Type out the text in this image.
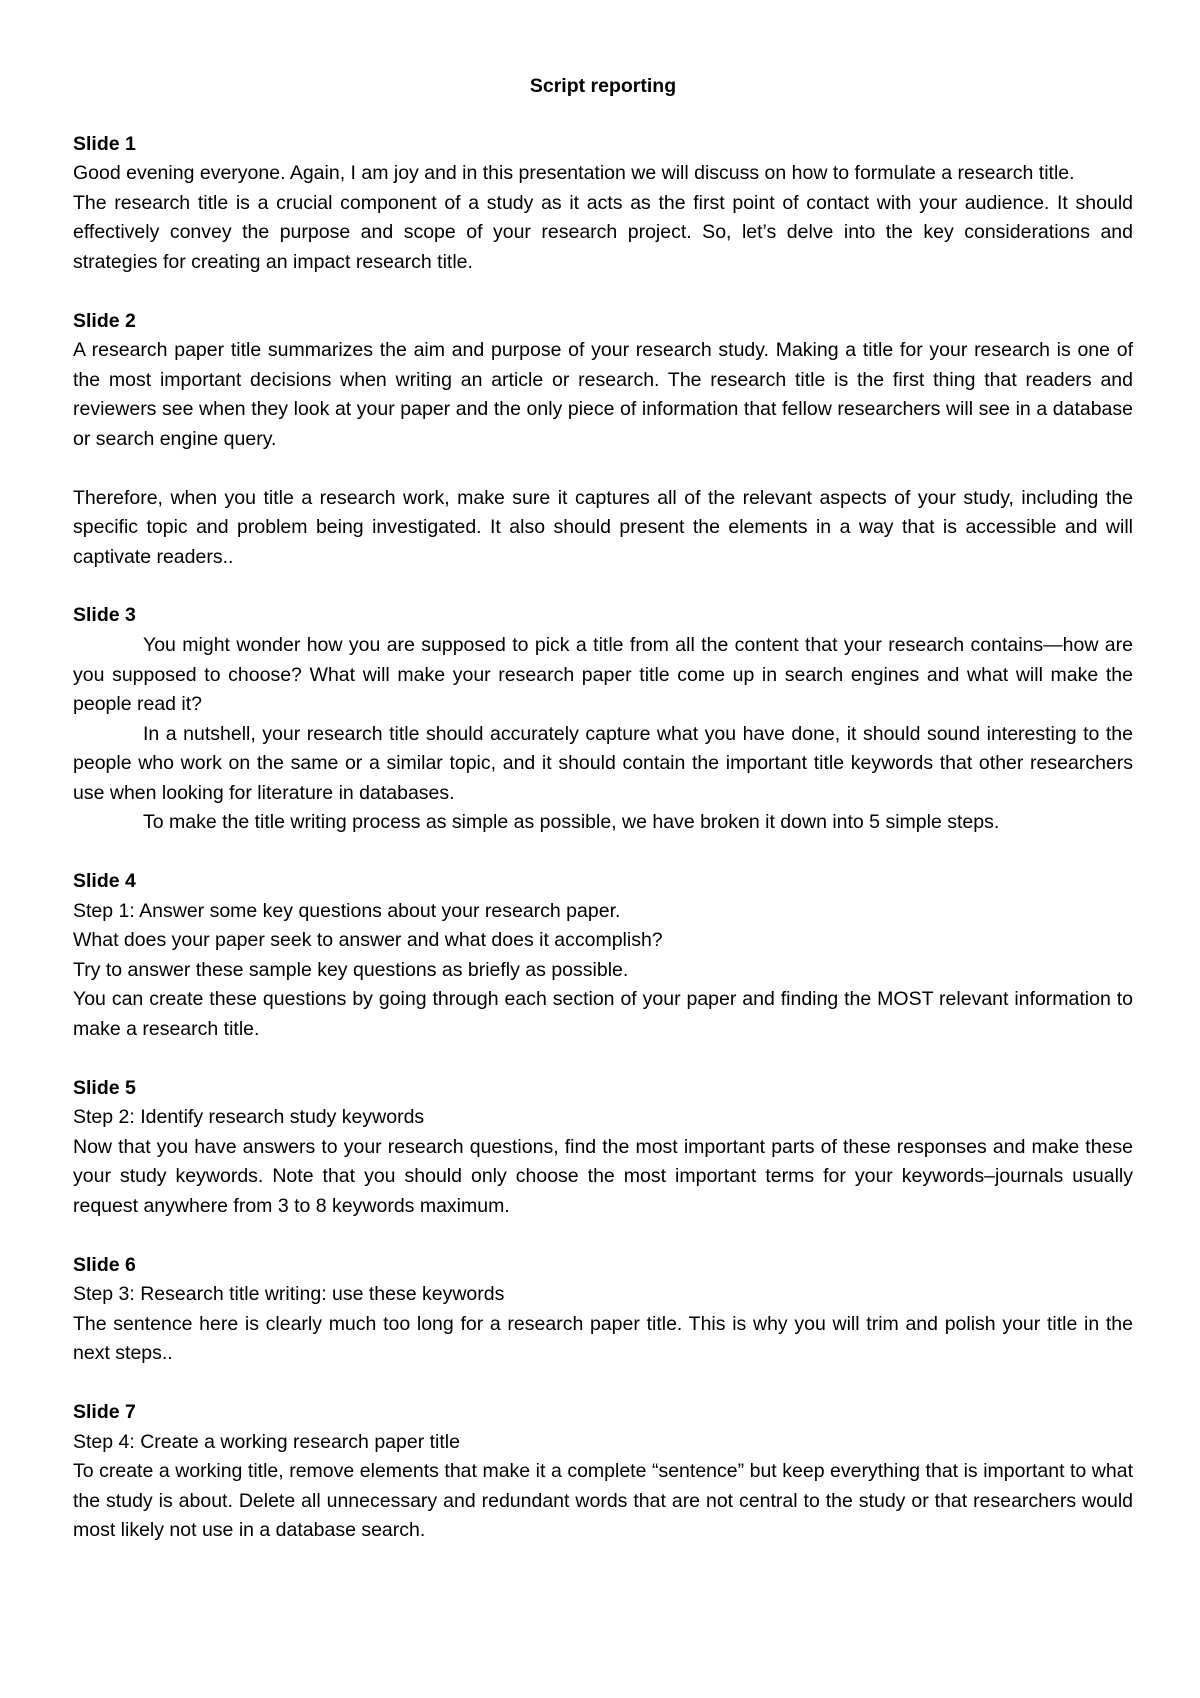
Script reporting
Slide 1
Good evening everyone. Again, I am joy and in this presentation we will discuss on how to formulate a research title.
The research title is a crucial component of a study as it acts as the first point of contact with your audience. It should effectively convey the purpose and scope of your research project. So, let’s delve into the key considerations and strategies for creating an impact research title.
Slide 2
A research paper title summarizes the aim and purpose of your research study. Making a title for your research is one of the most important decisions when writing an article or research. The research title is the first thing that readers and reviewers see when they look at your paper and the only piece of information that fellow researchers will see in a database or search engine query.
Therefore, when you title a research work, make sure it captures all of the relevant aspects of your study, including the specific topic and problem being investigated. It also should present the elements in a way that is accessible and will captivate readers..
Slide 3
You might wonder how you are supposed to pick a title from all the content that your research contains—how are you supposed to choose? What will make your research paper title come up in search engines and what will make the people read it?
In a nutshell, your research title should accurately capture what you have done, it should sound interesting to the people who work on the same or a similar topic, and it should contain the important title keywords that other researchers use when looking for literature in databases.
To make the title writing process as simple as possible, we have broken it down into 5 simple steps.
Slide 4
Step 1: Answer some key questions about your research paper.
What does your paper seek to answer and what does it accomplish?
Try to answer these sample key questions as briefly as possible.
You can create these questions by going through each section of your paper and finding the MOST relevant information to make a research title.
Slide 5
Step 2: Identify research study keywords
Now that you have answers to your research questions, find the most important parts of these responses and make these your study keywords. Note that you should only choose the most important terms for your keywords–journals usually request anywhere from 3 to 8 keywords maximum.
Slide 6
Step 3: Research title writing: use these keywords
The sentence here is clearly much too long for a research paper title. This is why you will trim and polish your title in the next steps..
Slide 7
Step 4: Create a working research paper title
To create a working title, remove elements that make it a complete “sentence” but keep everything that is important to what the study is about. Delete all unnecessary and redundant words that are not central to the study or that researchers would most likely not use in a database search.
